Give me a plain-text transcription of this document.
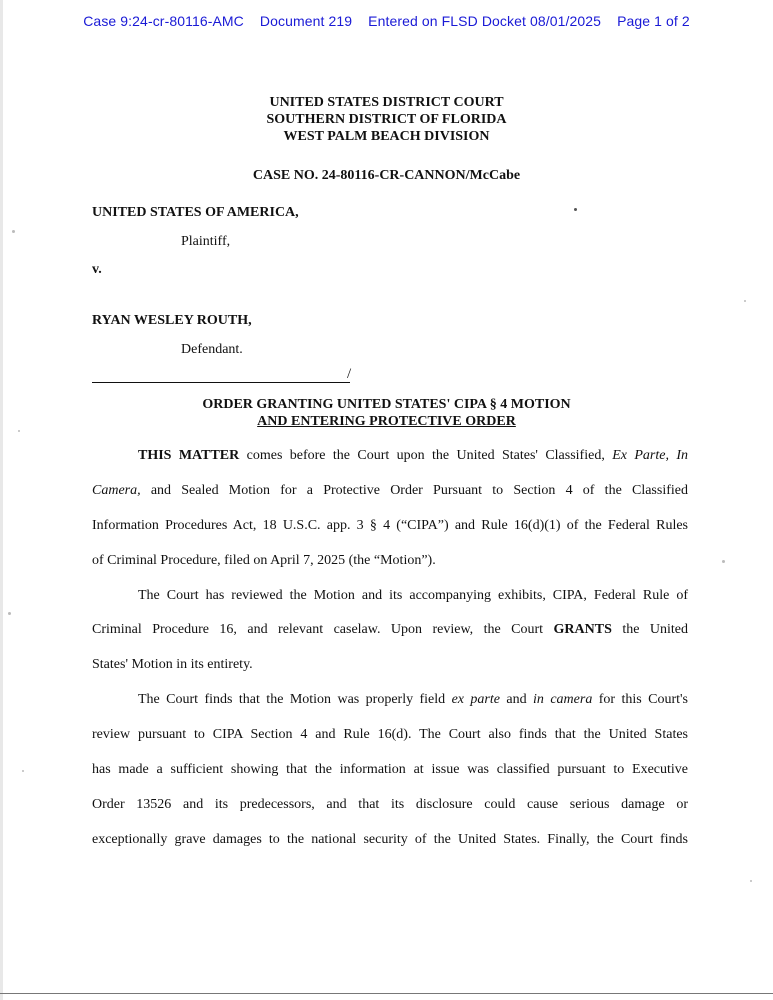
Case 9:24-cr-80116-AMC Document 219 Entered on FLSD Docket 08/01/2025 Page 1 of 2
UNITED STATES DISTRICT COURT
SOUTHERN DISTRICT OF FLORIDA
WEST PALM BEACH DIVISION
CASE NO. 24-80116-CR-CANNON/McCabe
UNITED STATES OF AMERICA,
Plaintiff,
v.
RYAN WESLEY ROUTH,
Defendant.
/
ORDER GRANTING UNITED STATES' CIPA § 4 MOTION
AND ENTERING PROTECTIVE ORDER
THIS MATTER comes before the Court upon the United States' Classified, Ex Parte, In
Camera, and Sealed Motion for a Protective Order Pursuant to Section 4 of the Classified
Information Procedures Act, 18 U.S.C. app. 3 § 4 (“CIPA”) and Rule 16(d)(1) of the Federal Rules
of Criminal Procedure, filed on April 7, 2025 (the “Motion”).
The Court has reviewed the Motion and its accompanying exhibits, CIPA, Federal Rule of
Criminal Procedure 16, and relevant caselaw. Upon review, the Court GRANTS the United
States' Motion in its entirety.
The Court finds that the Motion was properly field ex parte and in camera for this Court's
review pursuant to CIPA Section 4 and Rule 16(d). The Court also finds that the United States
has made a sufficient showing that the information at issue was classified pursuant to Executive
Order 13526 and its predecessors, and that its disclosure could cause serious damage or
exceptionally grave damages to the national security of the United States. Finally, the Court finds
